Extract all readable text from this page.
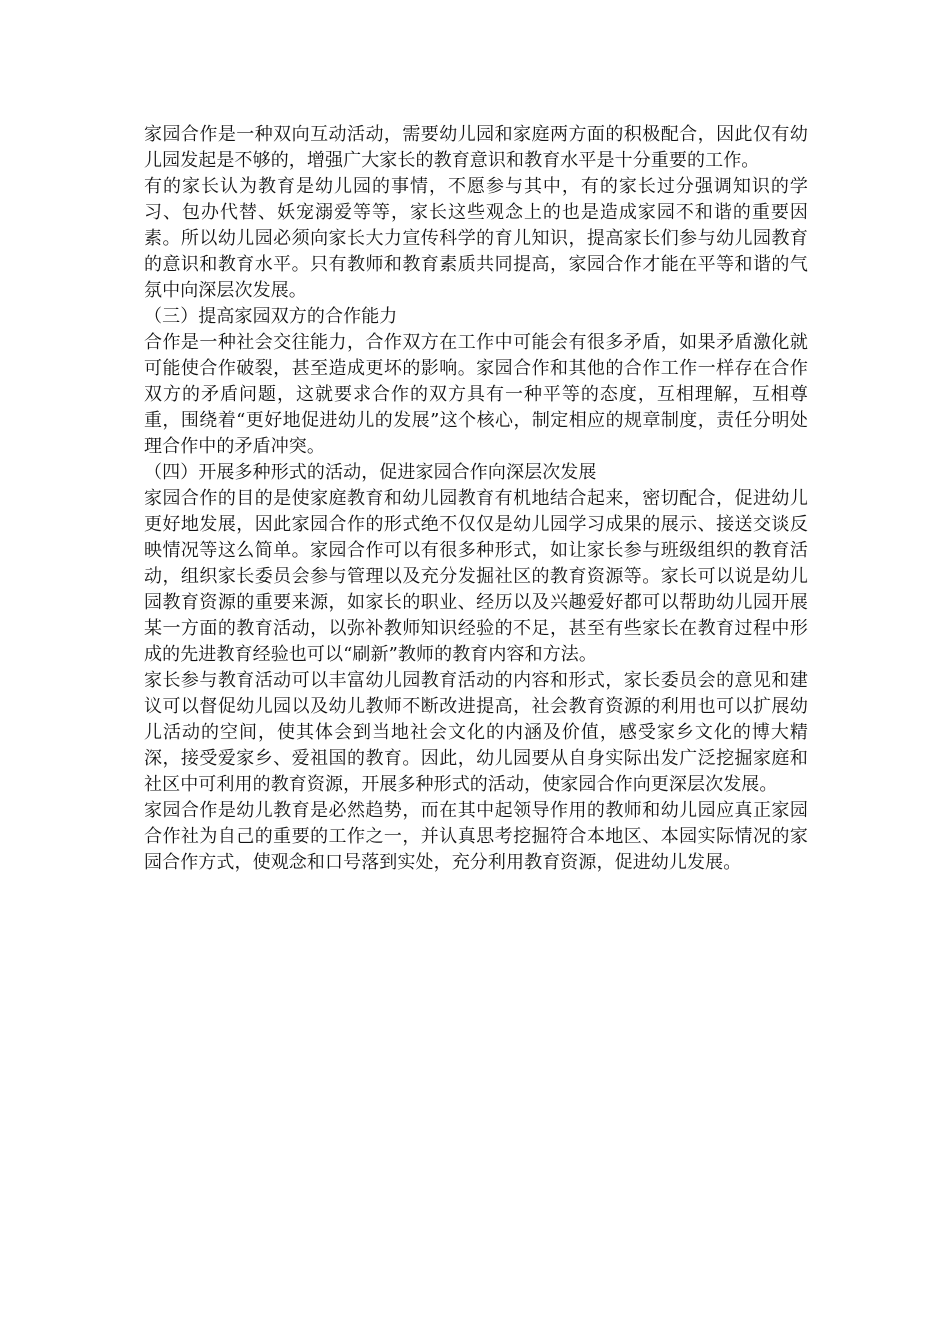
家园合作是一种双向互动活动，需要幼儿园和家庭两方面的积极配合，因此仅有幼儿园发起是不够的，增强广大家长的教育意识和教育水平是十分重要的工作。

有的家长认为教育是幼儿园的事情，不愿参与其中，有的家长过分强调知识的学习、包办代替、妖宠溺爱等等，家长这些观念上的也是造成家园不和谐的重要因素。所以幼儿园必须向家长大力宣传科学的育儿知识，提高家长们参与幼儿园教育的意识和教育水平。只有教师和教育素质共同提高，家园合作才能在平等和谐的气氛中向深层次发展。

（三）提高家园双方的合作能力

合作是一种社会交往能力，合作双方在工作中可能会有很多矛盾，如果矛盾激化就可能使合作破裂，甚至造成更坏的影响。家园合作和其他的合作工作一样存在合作双方的矛盾问题，这就要求合作的双方具有一种平等的态度，互相理解，互相尊重，围绕着“更好地促进幼儿的发展”这个核心，制定相应的规章制度，责任分明处理合作中的矛盾冲突。

（四）开展多种形式的活动，促进家园合作向深层次发展

家园合作的目的是使家庭教育和幼儿园教育有机地结合起来，密切配合，促进幼儿更好地发展，因此家园合作的形式绝不仅仅是幼儿园学习成果的展示、接送交谈反映情况等这么简单。家园合作可以有很多种形式，如让家长参与班级组织的教育活动，组织家长委员会参与管理以及充分发掘社区的教育资源等。家长可以说是幼儿园教育资源的重要来源，如家长的职业、经历以及兴趣爱好都可以帮助幼儿园开展某一方面的教育活动，以弥补教师知识经验的不足，甚至有些家长在教育过程中形成的先进教育经验也可以“刷新”教师的教育内容和方法。

家长参与教育活动可以丰富幼儿园教育活动的内容和形式，家长委员会的意见和建议可以督促幼儿园以及幼儿教师不断改进提高，社会教育资源的利用也可以扩展幼儿活动的空间，使其体会到当地社会文化的内涵及价值，感受家乡文化的博大精深，接受爱家乡、爱祖国的教育。因此，幼儿园要从自身实际出发广泛挖掘家庭和社区中可利用的教育资源，开展多种形式的活动，使家园合作向更深层次发展。

家园合作是幼儿教育是必然趋势，而在其中起领导作用的教师和幼儿园应真正家园合作社为自己的重要的工作之一，并认真思考挖掘符合本地区、本园实际情况的家园合作方式，使观念和口号落到实处，充分利用教育资源，促进幼儿发展。
